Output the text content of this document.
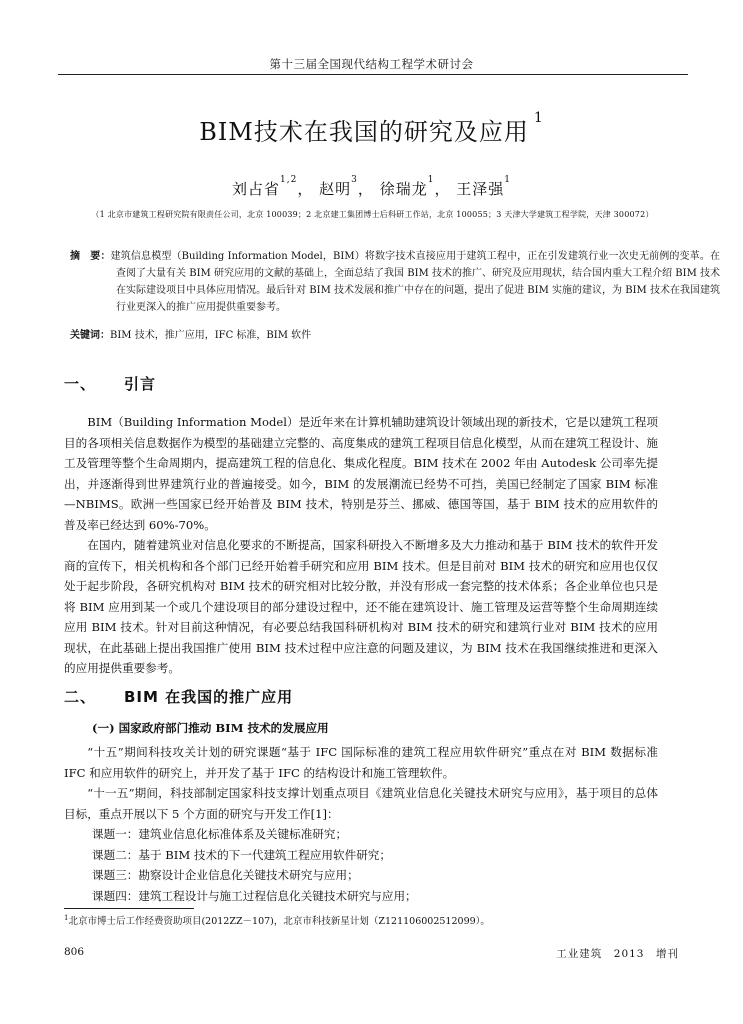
第十三届全国现代结构工程学术研讨会
BIM技术在我国的研究及应用 $^1$
刘占省$^{1,2}$， 赵明$^3$， 徐瑞龙$^1$， 王泽强$^1$
（1 北京市建筑工程研究院有限责任公司，北京 100039；2 北京建工集团博士后科研工作站，北京 100055；3 天津大学建筑工程学院，天津 300072）
摘　要：建筑信息模型（Building Information Model，BIM）将数字技术直接应用于建筑工程中，正在引发建筑行业一次史无前例的变革。在查阅了大量有关 BIM 研究应用的文献的基础上，全面总结了我国 BIM 技术的推广、研究及应用现状，结合国内重大工程介绍 BIM 技术在实际建设项目中具体应用情况。最后针对 BIM 技术发展和推广中存在的问题，提出了促进 BIM 实施的建议，为 BIM 技术在我国建筑行业更深入的推广应用提供重要参考。
关键词：BIM 技术，推广应用，IFC 标准，BIM 软件
一、 引言
BIM（Building Information Model）是近年来在计算机辅助建筑设计领域出现的新技术，它是以建筑工程项目的各项相关信息数据作为模型的基础建立完整的、高度集成的建筑工程项目信息化模型，从而在建筑工程设计、施工及管理等整个生命周期内，提高建筑工程的信息化、集成化程度。BIM 技术在 2002 年由 Autodesk 公司率先提出，并逐渐得到世界建筑行业的普遍接受。如今，BIM 的发展潮流已经势不可挡，美国已经制定了国家 BIM 标准—NBIMS。欧洲一些国家已经开始普及 BIM 技术，特别是芬兰、挪威、德国等国，基于 BIM 技术的应用软件的普及率已经达到 60%-70%。
在国内，随着建筑业对信息化要求的不断提高，国家科研投入不断增多及大力推动和基于 BIM 技术的软件开发商的宣传下，相关机构和各个部门已经开始着手研究和应用 BIM 技术。但是目前对 BIM 技术的研究和应用也仅仅处于起步阶段，各研究机构对 BIM 技术的研究相对比较分散，并没有形成一套完整的技术体系；各企业单位也只是将 BIM 应用到某一个或几个建设项目的部分建设过程中，还不能在建筑设计、施工管理及运营等整个生命周期连续应用 BIM 技术。针对目前这种情况，有必要总结我国科研机构对 BIM 技术的研究和建筑行业对 BIM 技术的应用现状，在此基础上提出我国推广使用 BIM 技术过程中应注意的问题及建议，为 BIM 技术在我国继续推进和更深入的应用提供重要参考。
二、 BIM 在我国的推广应用
(一) 国家政府部门推动 BIM 技术的发展应用
“十五”期间科技攻关计划的研究课题“基于 IFC 国际标准的建筑工程应用软件研究”重点在对 BIM 数据标准 IFC 和应用软件的研究上，并开发了基于 IFC 的结构设计和施工管理软件。
“十一五”期间，科技部制定国家科技支撑计划重点项目《建筑业信息化关键技术研究与应用》，基于项目的总体目标，重点开展以下 5 个方面的研究与开发工作[1]：
课题一：建筑业信息化标准体系及关键标准研究；
课题二：基于 BIM 技术的下一代建筑工程应用软件研究；
课题三：勘察设计企业信息化关键技术研究与应用；
课题四：建筑工程设计与施工过程信息化关键技术研究与应用；
$^1$北京市博士后工作经费资助项目(2012ZZ－107)，北京市科技新星计划（Z121106002512099）。
806	工业建筑　2013　增刊
